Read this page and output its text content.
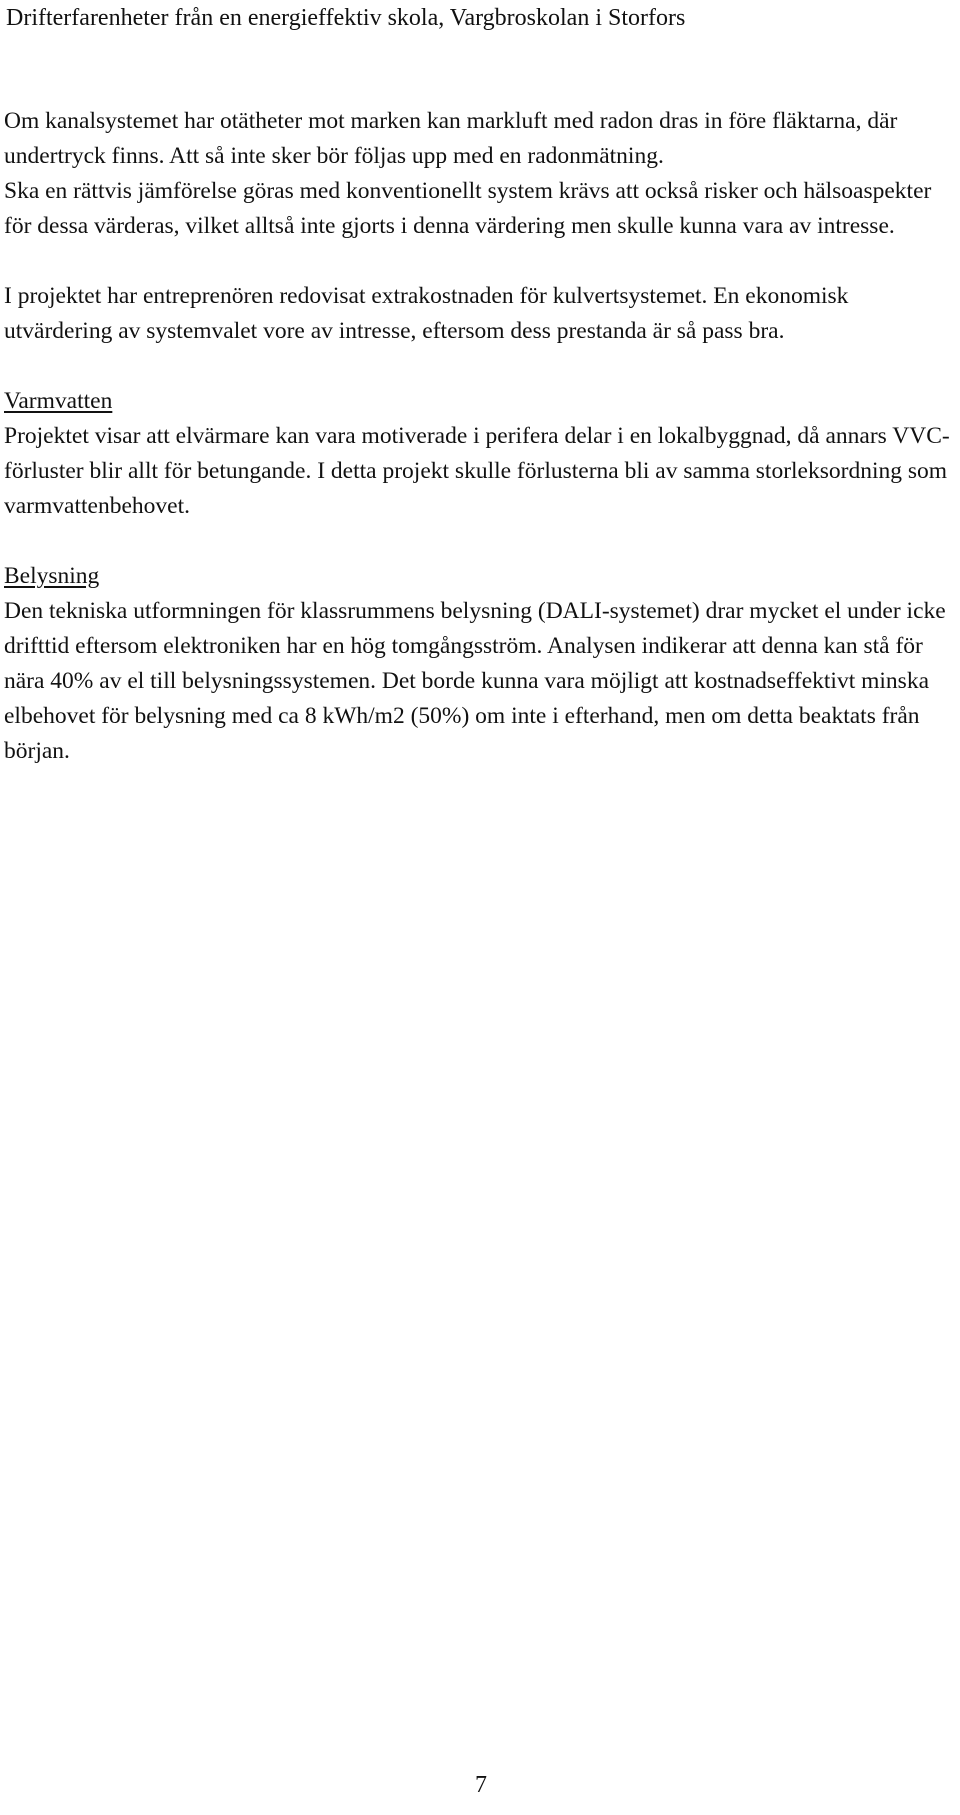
Drifterfarenheter från en energieffektiv skola, Vargbroskolan i Storfors

Om kanalsystemet har otätheter mot marken kan markluft med radon dras in före fläktarna, där undertryck finns. Att så inte sker bör följas upp med en radonmätning.

Ska en rättvis jämförelse göras med konventionellt system krävs att också risker och hälsoaspekter för dessa värderas, vilket alltså inte gjorts i denna värdering men skulle kunna vara av intresse.

I projektet har entreprenören redovisat extrakostnaden för kulvertsystemet. En ekonomisk utvärdering av systemvalet vore av intresse, eftersom dess prestanda är så pass bra.

Varmvatten
Projektet visar att elvärmare kan vara motiverade i perifera delar i en lokalbyggnad, då annars VVC-förluster blir allt för betungande. I detta projekt skulle förlusterna bli av samma storleksordning som varmvattenbehovet.
Belysning
Den tekniska utformningen för klassrummens belysning (DALI-systemet) drar mycket el under icke drifttid eftersom elektroniken har en hög tomgångsström. Analysen indikerar att denna kan stå för nära 40% av el till belysningssystemen. Det borde kunna vara möjligt att kostnadseffektivt minska elbehovet för belysning med ca 8 kWh/m2 (50%) om inte i efterhand, men om detta beaktats från början.
7
